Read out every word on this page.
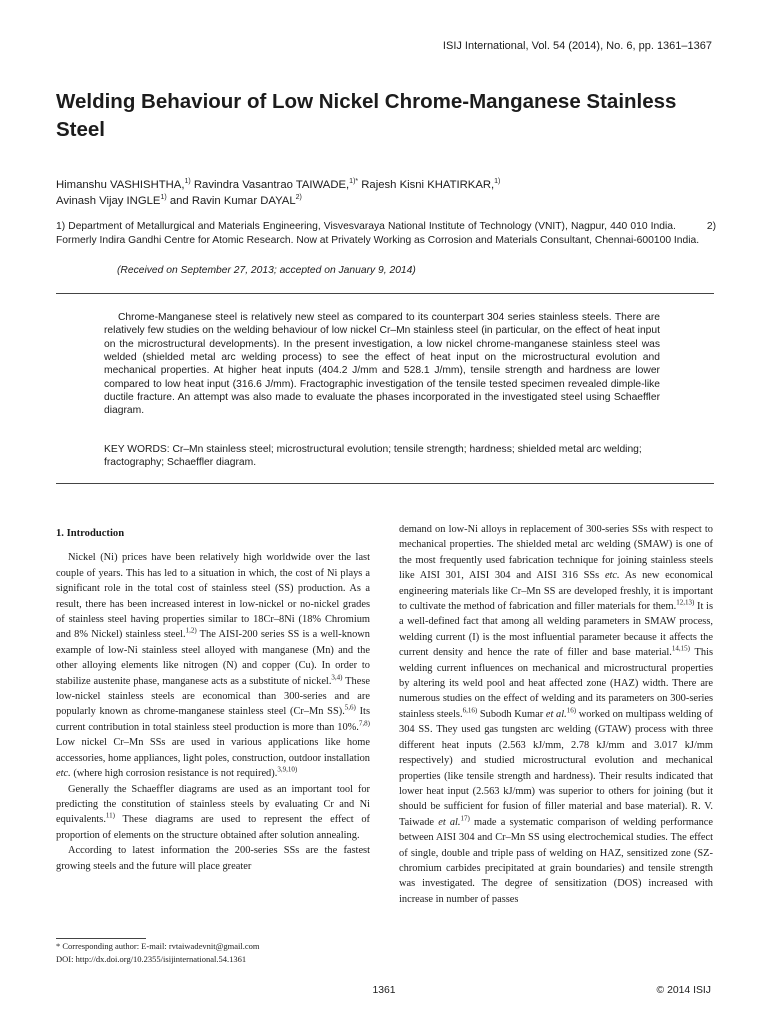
ISIJ International, Vol. 54 (2014), No. 6, pp. 1361–1367
Welding Behaviour of Low Nickel Chrome-Manganese Stainless Steel
Himanshu VASHISHTHA,$^{1)}$ Ravindra Vasantrao TAIWADE,$^{1)*}$ Rajesh Kisni KHATIRKAR,$^{1)}$
Avinash Vijay INGLE$^{1)}$ and Ravin Kumar DAYAL$^{2)}$
1) Department of Metallurgical and Materials Engineering, Visvesvaraya National Institute of Technology (VNIT), Nagpur, 440 010 India.          2) Formerly Indira Gandhi Centre for Atomic Research. Now at Privately Working as Corrosion and Materials Consultant, Chennai-600100 India.
(Received on September 27, 2013; accepted on January 9, 2014)

Chrome-Manganese steel is relatively new steel as compared to its counterpart 304 series stainless steels. There are relatively few studies on the welding behaviour of low nickel Cr–Mn stainless steel (in particular, on the effect of heat input on the microstructural developments). In the present investigation, a low nickel chrome-manganese stainless steel was welded (shielded metal arc welding process) to see the effect of heat input on the microstructural evolution and mechanical properties. At higher heat inputs (404.2 J/mm and 528.1 J/mm), tensile strength and hardness are lower compared to low heat input (316.6 J/mm). Fractographic investigation of the tensile tested specimen revealed dimple-like ductile fracture. An attempt was also made to evaluate the phases incorporated in the investigated steel using Schaeffler diagram.

KEY WORDS: Cr–Mn stainless steel; microstructural evolution; tensile strength; hardness; shielded metal arc welding; fractography; Schaeffler diagram.

1. Introduction

Nickel (Ni) prices have been relatively high worldwide over the last couple of years. This has led to a situation in which, the cost of Ni plays a significant role in the total cost of stainless steel (SS) production. As a result, there has been increased interest in low-nickel or no-nickel grades of stainless steel having properties similar to 18Cr–8Ni (18% Chromium and 8% Nickel) stainless steel.$^{1,2)}$ The AISI-200 series SS is a well-known example of low-Ni stainless steel alloyed with manganese (Mn) and the other alloying elements like nitrogen (N) and copper (Cu). In order to stabilize austenite phase, manganese acts as a substitute of nickel.$^{3,4)}$ These low-nickel stainless steels are economical than 300-series and are popularly known as chrome-manganese stainless steel (Cr–Mn SS).$^{5,6)}$ Its current contribution in total stainless steel production is more than 10%.$^{7,8)}$ Low nickel Cr–Mn SSs are used in various applications like home accessories, home appliances, light poles, construction, outdoor installation etc. (where high corrosion resistance is not required).$^{3,9,10)}$

Generally the Schaeffler diagrams are used as an important tool for predicting the constitution of stainless steels by evaluating Cr and Ni equivalents.$^{11)}$ These diagrams are used to represent the effect of proportion of elements on the structure obtained after solution annealing.

According to latest information the 200-series SSs are the fastest growing steels and the future will place greater

demand on low-Ni alloys in replacement of 300-series SSs with respect to mechanical properties. The shielded metal arc welding (SMAW) is one of the most frequently used fabrication technique for joining stainless steels like AISI 301, AISI 304 and AISI 316 SSs etc. As new economical engineering materials like Cr–Mn SS are developed freshly, it is important to cultivate the method of fabrication and filler materials for them.$^{12,13)}$ It is a well-defined fact that among all welding parameters in SMAW process, welding current (I) is the most influential parameter because it affects the current density and hence the rate of filler and base material.$^{14,15)}$ This welding current influences on mechanical and microstructural properties by altering its weld pool and heat affected zone (HAZ) width. There are numerous studies on the effect of welding and its parameters on 300-series stainless steels.$^{6,16)}$ Subodh Kumar et al.$^{16)}$ worked on multipass welding of 304 SS. They used gas tungsten arc welding (GTAW) process with three different heat inputs (2.563 kJ/mm, 2.78 kJ/mm and 3.017 kJ/mm respectively) and studied microstructural evolution and mechanical properties (like tensile strength and hardness). Their results indicated that lower heat input (2.563 kJ/mm) was superior to others for joining (but it should be sufficient for fusion of filler material and base material). R. V. Taiwade et al.$^{17)}$ made a systematic comparison of welding performance between AISI 304 and Cr–Mn SS using electrochemical studies. The effect of single, double and triple pass of welding on HAZ, sensitized zone (SZ-chromium carbides precipitated at grain boundaries) and tensile strength was investigated. The degree of sensitization (DOS) increased with increase in number of passes

* Corresponding author: E-mail: rvtaiwadevnit@gmail.com
DOI: http://dx.doi.org/10.2355/isijinternational.54.1361
1361	© 2014 ISIJ
